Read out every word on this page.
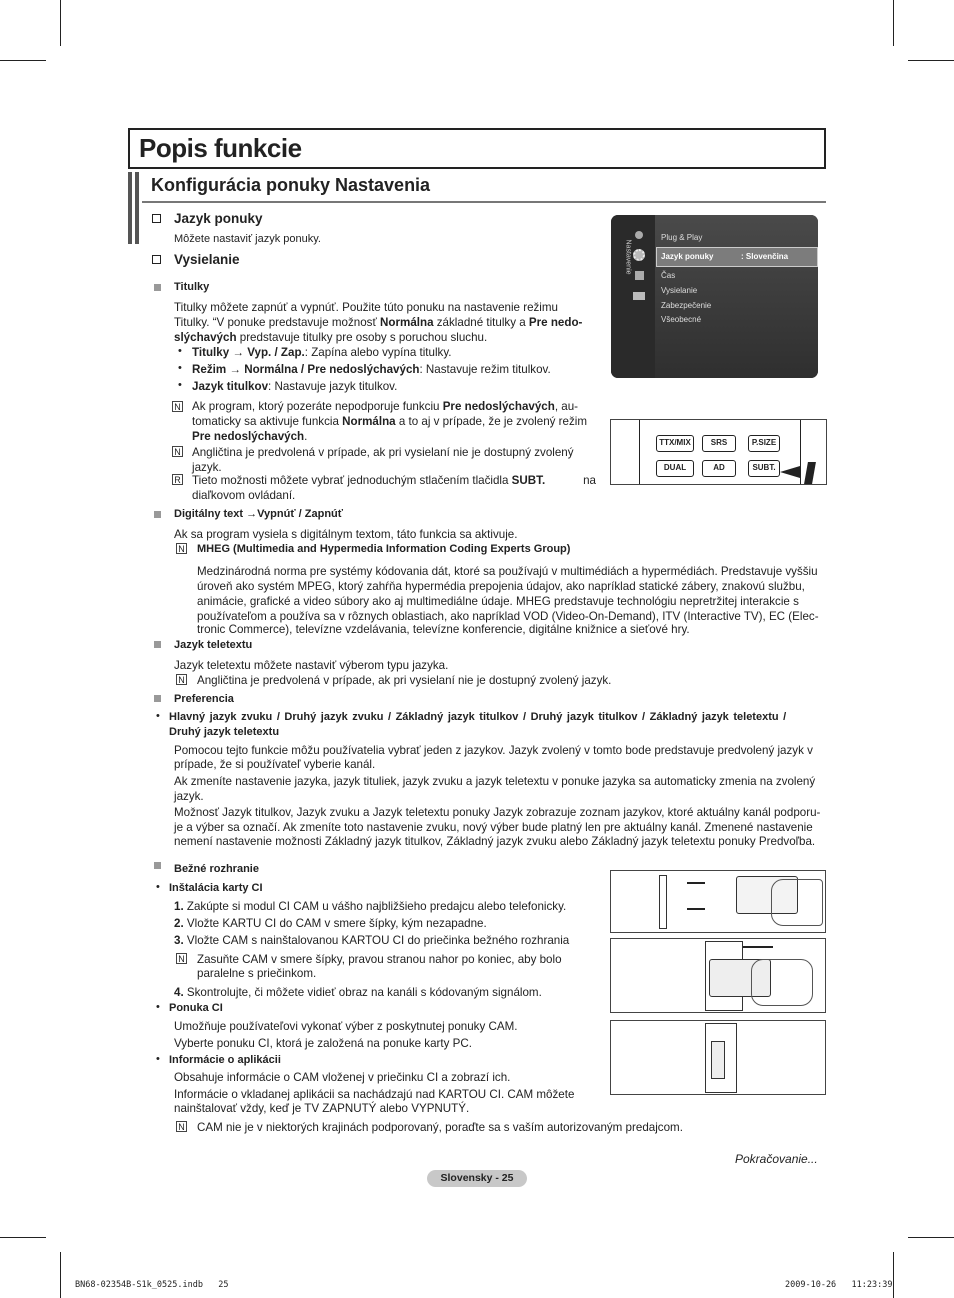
Popis funkcie
Konfigurácia ponuky Nastavenia
Jazyk ponuky
Môžete nastaviť jazyk ponuky.
Vysielanie
Titulky
Titulky môžete zapnúť a vypnúť. Použite túto ponuku na nastavenie režimu
Titulky. “V ponuke predstavuje možnosť Normálna základné titulky a Pre nedo-
slýchavých predstavuje titulky pre osoby s poruchou sluchu.
• Titulky → Vyp. / Zap.: Zapína alebo vypína titulky.
• Režim → Normálna / Pre nedoslýchavých: Nastavuje režim titulkov.
• Jazyk titulkov: Nastavuje jazyk titulkov.
N Ak program, ktorý pozeráte nepodporuje funkciu Pre nedoslýchavých, au-
tomaticky sa aktivuje funkcia Normálna a to aj v prípade, že je zvolený režim
Pre nedoslýchavých.
N Angličtina je predvolená v prípade, ak pri vysielaní nie je dostupný zvolený
jazyk.
R Tieto možnosti môžete vybrať jednoduchým stlačením tlačidla SUBT.	na
diaľkovom ovládaní.
Digitálny text →Vypnúť / Zapnúť
Ak sa program vysiela s digitálnym textom, táto funkcia sa aktivuje.
N MHEG (Multimedia and Hypermedia Information Coding Experts Group)
Medzinárodná norma pre systémy kódovania dát, ktoré sa používajú v multimédiách a hypermédiách. Predstavuje vyššiu
úroveň ako systém MPEG, ktorý zahŕňa hypermédia prepojenia údajov, ako napríklad statické zábery, znakovú službu,
animácie, grafické a video súbory ako aj multimediálne údaje. MHEG predstavuje technológiu nepretržitej interakcie s
používateľom a používa sa v rôznych oblastiach, ako napríklad VOD (Video-On-Demand), ITV (Interactive TV), EC (Elec-
tronic Commerce), televízne vzdelávania, televízne konferencie, digitálne knižnice a sieťové hry.
Jazyk teletextu
Jazyk teletextu môžete nastaviť výberom typu jazyka.
N Angličtina je predvolená v prípade, ak pri vysielaní nie je dostupný zvolený jazyk.
Preferencia
• Hlavný jazyk zvuku / Druhý jazyk zvuku / Základný jazyk titulkov / Druhý jazyk titulkov / Základný jazyk teletextu /
Druhý jazyk teletextu
Pomocou tejto funkcie môžu používatelia vybrať jeden z jazykov. Jazyk zvolený v tomto bode predstavuje predvolený jazyk v
prípade, že si používateľ vyberie kanál.
Ak zmeníte nastavenie jazyka, jazyk tituliek, jazyk zvuku a jazyk teletextu v ponuke jazyka sa automaticky zmenia na zvolený
jazyk.
Možnosť Jazyk titulkov, Jazyk zvuku a Jazyk teletextu ponuky Jazyk zobrazuje zoznam jazykov, ktoré aktuálny kanál podporu-
je a výber sa označí. Ak zmeníte toto nastavenie zvuku, nový výber bude platný len pre aktuálny kanál. Zmenené nastavenie
nemení nastavenie možnosti Základný jazyk titulkov, Základný jazyk zvuku alebo Základný jazyk teletextu ponuky Predvoľba.
Bežné rozhranie
• Inštalácia karty CI
1. Zakúpte si modul CI CAM u vášho najbližšieho predajcu alebo telefonicky.
2. Vložte KARTU CI do CAM v smere šípky, kým nezapadne.
3. Vložte CAM s nainštalovanou KARTOU CI do priečinka bežného rozhrania
N Zasuňte CAM v smere šípky, pravou stranou nahor po koniec, aby bolo
paralelne s priečinkom.
4. Skontrolujte, či môžete vidieť obraz na kanáli s kódovaným signálom.
• Ponuka CI
Umožňuje používateľovi vykonať výber z poskytnutej ponuky CAM.
Vyberte ponuku CI, ktorá je založená na ponuke karty PC.
• Informácie o aplikácii
Obsahuje informácie o CAM vloženej v priečinku CI a zobrazí ich.
Informácie o vkladanej aplikácii sa nachádzajú nad KARTOU CI. CAM môžete
nainštalovať vždy, keď je TV ZAPNUTÝ alebo VYPNUTÝ.
N CAM nie je v niektorých krajinách podporovaný, poraďte sa s vaším autorizovaným predajcom.
Nastavenie
Plug & Play
Jazyk ponuky	: Slovenčina
Čas
Vysielanie
Zabezpečenie
Všeobecné
TTX/MIX	SRS	P.SIZE
DUAL	AD	SUBT.
Pokračovanie...
Slovensky - 25
BN68-02354B-S1k_0525.indb   25	2009-10-26   11:23:39
